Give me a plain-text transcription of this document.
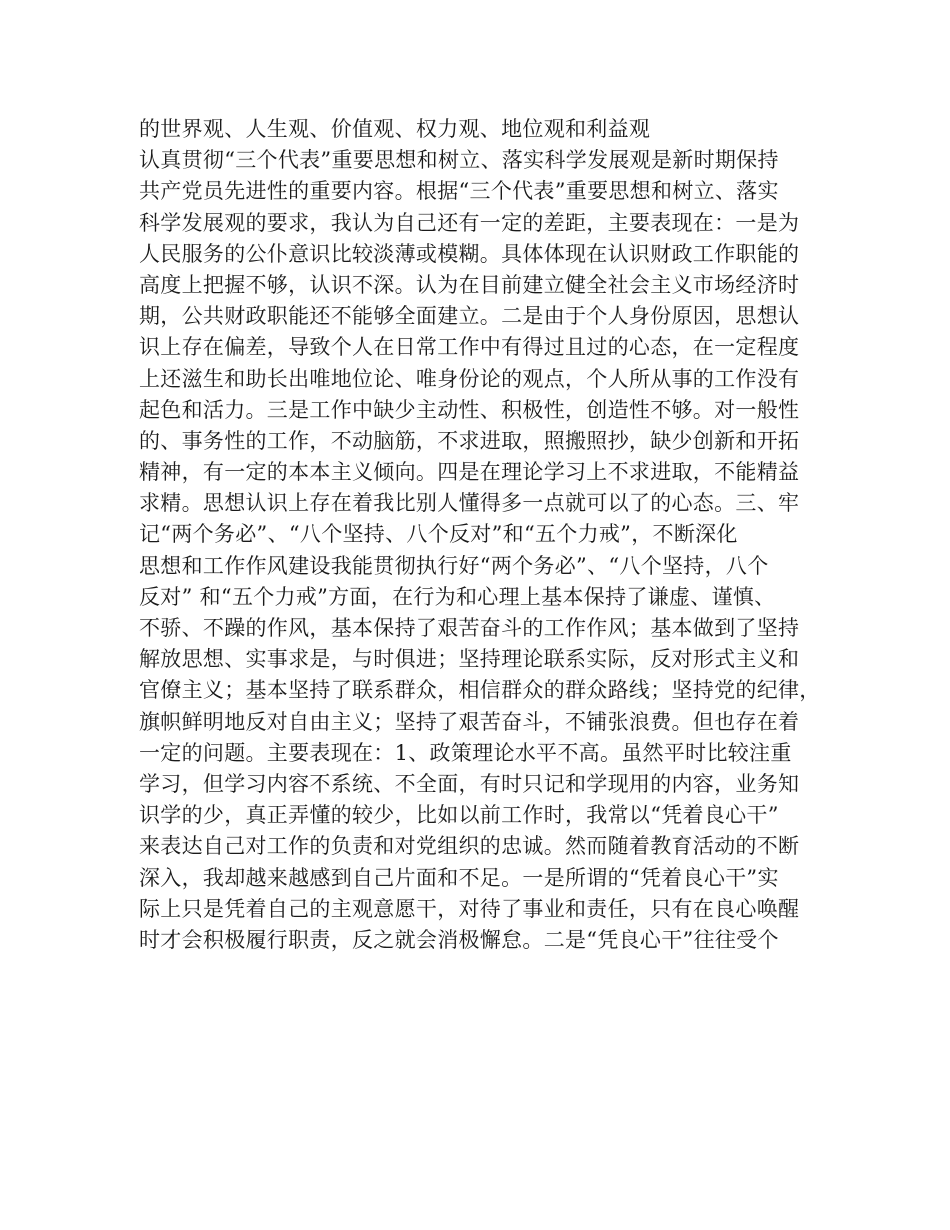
的世界观、人生观、价值观、权力观、地位观和利益观
认真贯彻“三个代表”重要思想和树立、落实科学发展观是新时期保持
共产党员先进性的重要内容。根据“三个代表”重要思想和树立、落实
科学发展观的要求，我认为自己还有一定的差距，主要表现在：一是为
人民服务的公仆意识比较淡薄或模糊。具体体现在认识财政工作职能的
高度上把握不够，认识不深。认为在目前建立健全社会主义市场经济时
期，公共财政职能还不能够全面建立。二是由于个人身份原因，思想认
识上存在偏差，导致个人在日常工作中有得过且过的心态，在一定程度
上还滋生和助长出唯地位论、唯身份论的观点，个人所从事的工作没有
起色和活力。三是工作中缺少主动性、积极性，创造性不够。对一般性
的、事务性的工作，不动脑筋，不求进取，照搬照抄，缺少创新和开拓
精神，有一定的本本主义倾向。四是在理论学习上不求进取，不能精益
求精。思想认识上存在着我比别人懂得多一点就可以了的心态。三、牢
记“两个务必”、“八个坚持、八个反对”和“五个力戒”，不断深化
思想和工作作风建设我能贯彻执行好“两个务必”、“八个坚持，八个
反对” 和“五个力戒”方面，在行为和心理上基本保持了谦虚、谨慎、
不骄、不躁的作风，基本保持了艰苦奋斗的工作作风；基本做到了坚持
解放思想、实事求是，与时俱进；坚持理论联系实际，反对形式主义和
官僚主义；基本坚持了联系群众，相信群众的群众路线；坚持党的纪律，
旗帜鲜明地反对自由主义；坚持了艰苦奋斗，不铺张浪费。但也存在着
一定的问题。主要表现在：1、政策理论水平不高。虽然平时比较注重
学习，但学习内容不系统、不全面，有时只记和学现用的内容，业务知
识学的少，真正弄懂的较少，比如以前工作时，我常以“凭着良心干”
来表达自己对工作的负责和对党组织的忠诚。然而随着教育活动的不断
深入，我却越来越感到自己片面和不足。一是所谓的“凭着良心干”实
际上只是凭着自己的主观意愿干，对待了事业和责任，只有在良心唤醒
时才会积极履行职责，反之就会消极懈怠。二是“凭良心干”往往受个
